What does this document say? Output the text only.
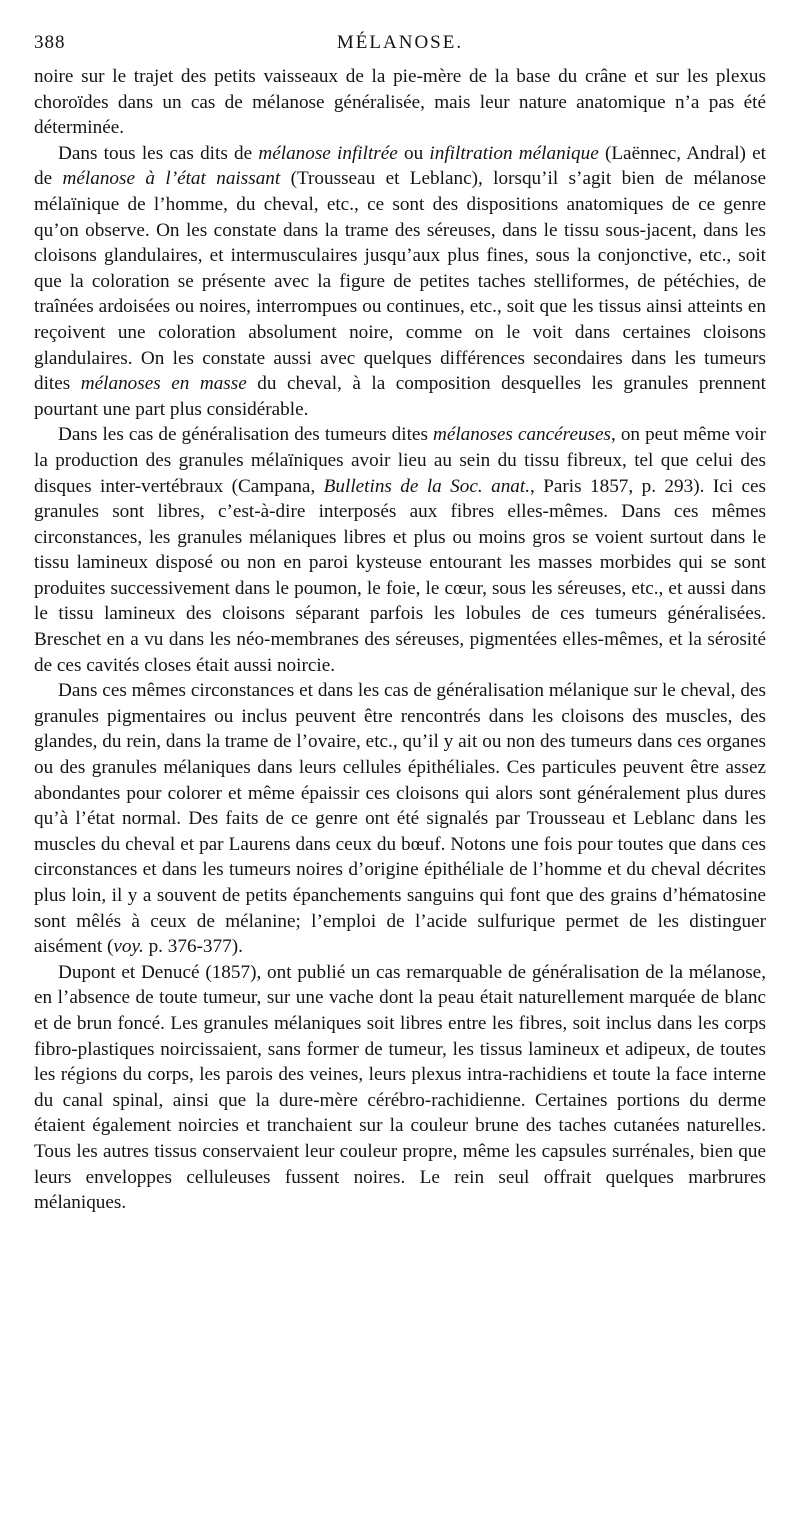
388	MÉLANOSE.

noire sur le trajet des petits vaisseaux de la pie-mère de la base du crâne et sur les plexus choroïdes dans un cas de mélanose généralisée, mais leur nature anatomique n’a pas été déterminée.

Dans tous les cas dits de mélanose infiltrée ou infiltration mélanique (Laënnec, Andral) et de mélanose à l’état naissant (Trousseau et Leblanc), lorsqu’il s’agit bien de mélanose mélaïnique de l’homme, du cheval, etc., ce sont des dispositions anatomiques de ce genre qu’on observe. On les constate dans la trame des séreuses, dans le tissu sous-jacent, dans les cloisons glandulaires, et intermusculaires jusqu’aux plus fines, sous la conjonctive, etc., soit que la coloration se présente avec la figure de petites taches stelliformes, de pétéchies, de traînées ardoisées ou noires, interrompues ou continues, etc., soit que les tissus ainsi atteints en reçoivent une coloration absolument noire, comme on le voit dans certaines cloisons glandulaires. On les constate aussi avec quelques différences secondaires dans les tumeurs dites mélanoses en masse du cheval, à la composition desquelles les granules prennent pourtant une part plus considérable.

Dans les cas de généralisation des tumeurs dites mélanoses cancéreuses, on peut même voir la production des granules mélaïniques avoir lieu au sein du tissu fibreux, tel que celui des disques inter-vertébraux (Campana, Bulletins de la Soc. anat., Paris 1857, p. 293). Ici ces granules sont libres, c’est-à-dire interposés aux fibres elles-mêmes. Dans ces mêmes circonstances, les granules mélaniques libres et plus ou moins gros se voient surtout dans le tissu lamineux disposé ou non en paroi kysteuse entourant les masses morbides qui se sont produites successivement dans le poumon, le foie, le cœur, sous les séreuses, etc., et aussi dans le tissu lamineux des cloisons séparant parfois les lobules de ces tumeurs généralisées. Breschet en a vu dans les néo-membranes des séreuses, pigmentées elles-mêmes, et la sérosité de ces cavités closes était aussi noircie.

Dans ces mêmes circonstances et dans les cas de généralisation mélanique sur le cheval, des granules pigmentaires ou inclus peuvent être rencontrés dans les cloisons des muscles, des glandes, du rein, dans la trame de l’ovaire, etc., qu’il y ait ou non des tumeurs dans ces organes ou des granules mélaniques dans leurs cellules épithéliales. Ces particules peuvent être assez abondantes pour colorer et même épaissir ces cloisons qui alors sont généralement plus dures qu’à l’état normal. Des faits de ce genre ont été signalés par Trousseau et Leblanc dans les muscles du cheval et par Laurens dans ceux du bœuf. Notons une fois pour toutes que dans ces circonstances et dans les tumeurs noires d’origine épithéliale de l’homme et du cheval décrites plus loin, il y a souvent de petits épanchements sanguins qui font que des grains d’hématosine sont mêlés à ceux de mélanine; l’emploi de l’acide sulfurique permet de les distinguer aisément (voy. p. 376-377).

Dupont et Denucé (1857), ont publié un cas remarquable de généralisation de la mélanose, en l’absence de toute tumeur, sur une vache dont la peau était naturellement marquée de blanc et de brun foncé. Les granules mélaniques soit libres entre les fibres, soit inclus dans les corps fibro-plastiques noircissaient, sans former de tumeur, les tissus lamineux et adipeux, de toutes les régions du corps, les parois des veines, leurs plexus intra-rachidiens et toute la face interne du canal spinal, ainsi que la dure-mère cérébro-rachidienne. Certaines portions du derme étaient également noircies et tranchaient sur la couleur brune des taches cutanées naturelles. Tous les autres tissus conservaient leur couleur propre, même les capsules surrénales, bien que leurs enveloppes celluleuses fussent noires. Le rein seul offrait quelques marbrures mélaniques.
